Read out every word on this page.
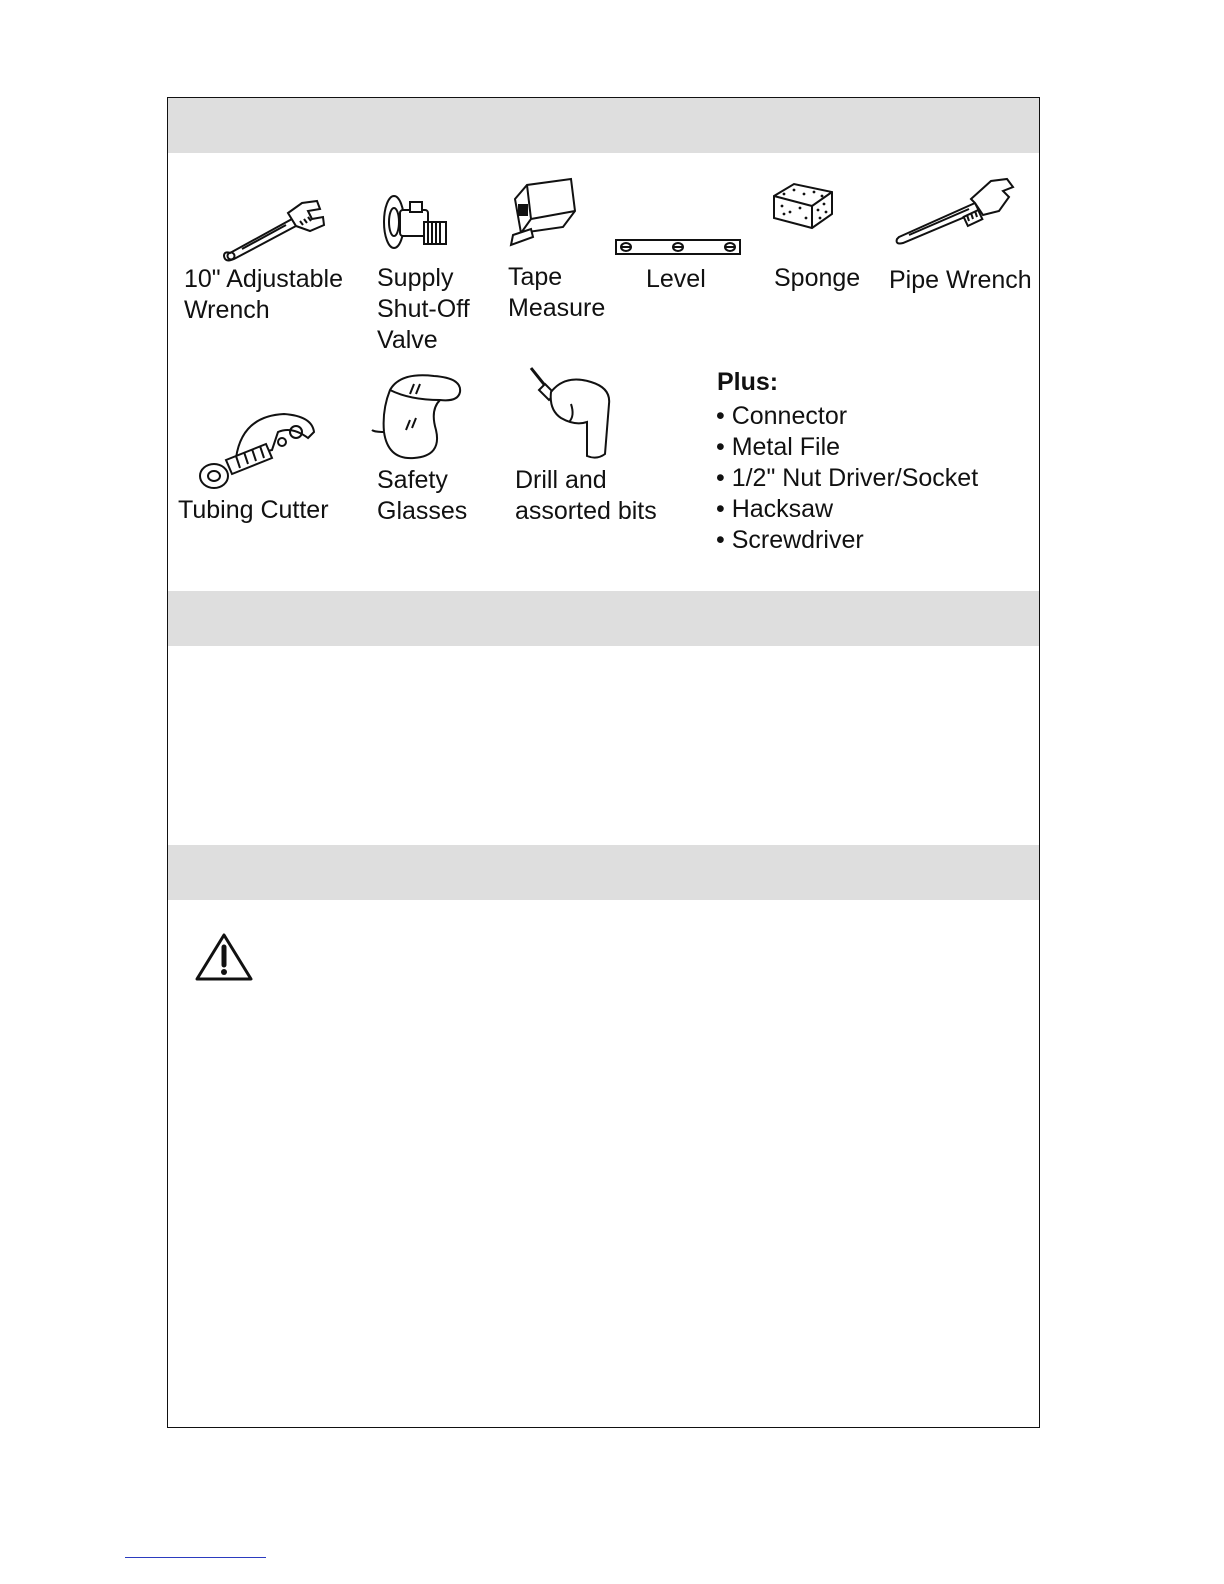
10" Adjustable
Wrench
Supply
Shut-Off
Valve
Tape
Measure
Level	Sponge Pipe Wrench
Tubing Cutter
Safety
Glasses
Drill and
assorted bits
Plus:
• Connector
• Metal File
• 1/2" Nut Driver/Socket
• Hacksaw
• Screwdriver
